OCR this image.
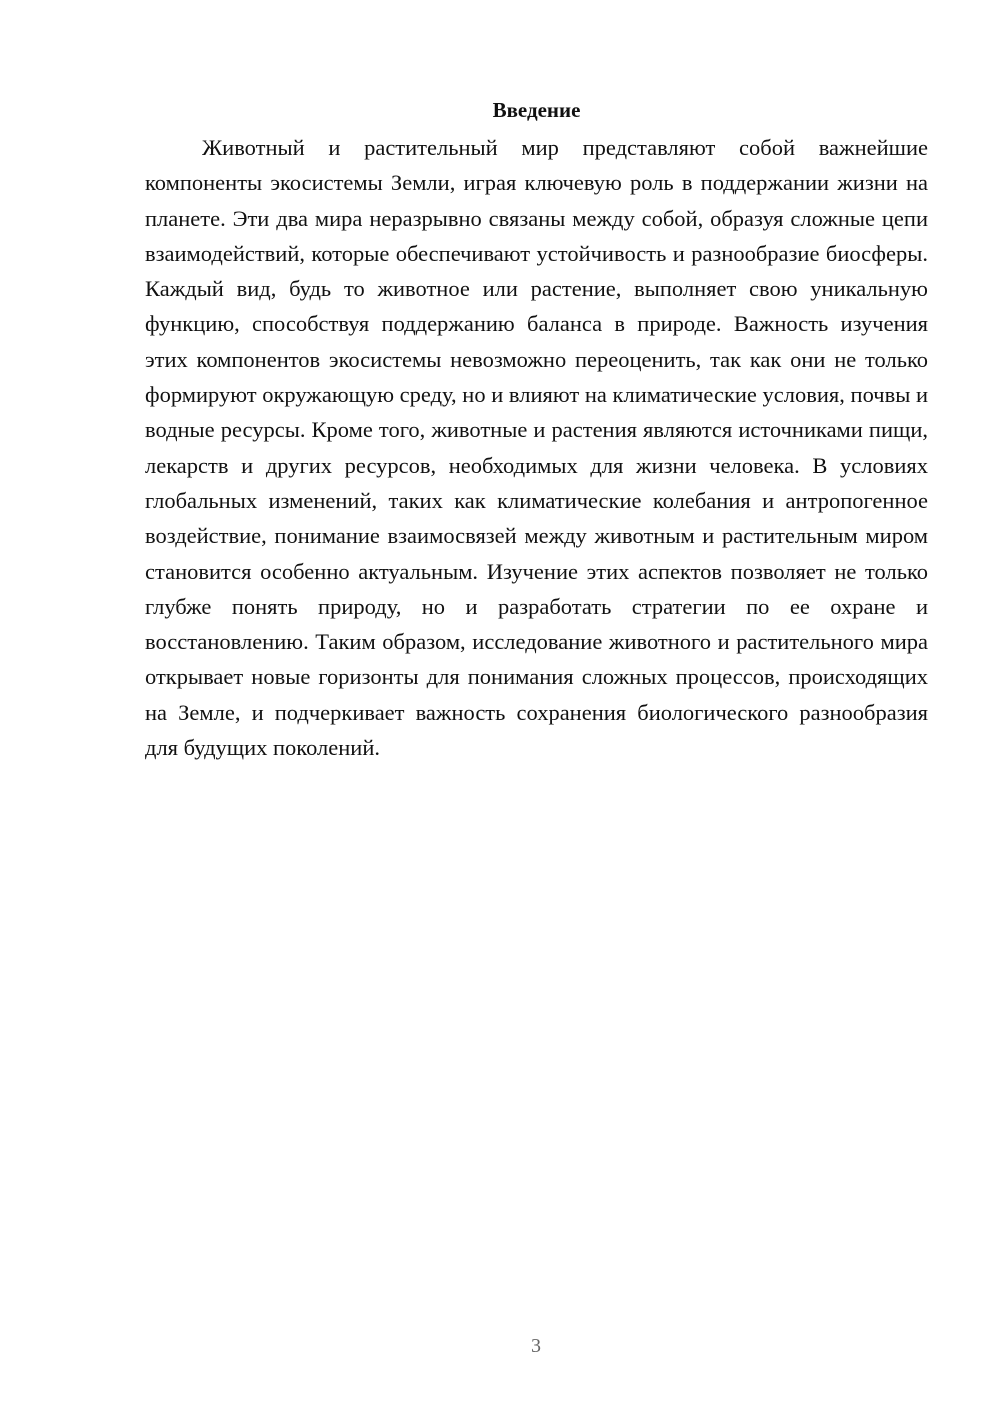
Введение

Животный и растительный мир представляют собой важнейшие компоненты экосистемы Земли, играя ключевую роль в поддержании жизни на планете. Эти два мира неразрывно связаны между собой, образуя сложные цепи взаимодействий, которые обеспечивают устойчивость и разнообразие биосферы. Каждый вид, будь то животное или растение, выполняет свою уникальную функцию, способствуя поддержанию баланса в природе. Важность изучения этих компонентов экосистемы невозможно переоценить, так как они не только формируют окружающую среду, но и влияют на климатические условия, почвы и водные ресурсы. Кроме того, животные и растения являются источниками пищи, лекарств и других ресурсов, необходимых для жизни человека. В условиях глобальных изменений, таких как климатические колебания и антропогенное воздействие, понимание взаимосвязей между животным и растительным миром становится особенно актуальным. Изучение этих аспектов позволяет не только глубже понять природу, но и разработать стратегии по ее охране и восстановлению. Таким образом, исследование животного и растительного мира открывает новые горизонты для понимания сложных процессов, происходящих на Земле, и подчеркивает важность сохранения биологического разнообразия для будущих поколений.

3
